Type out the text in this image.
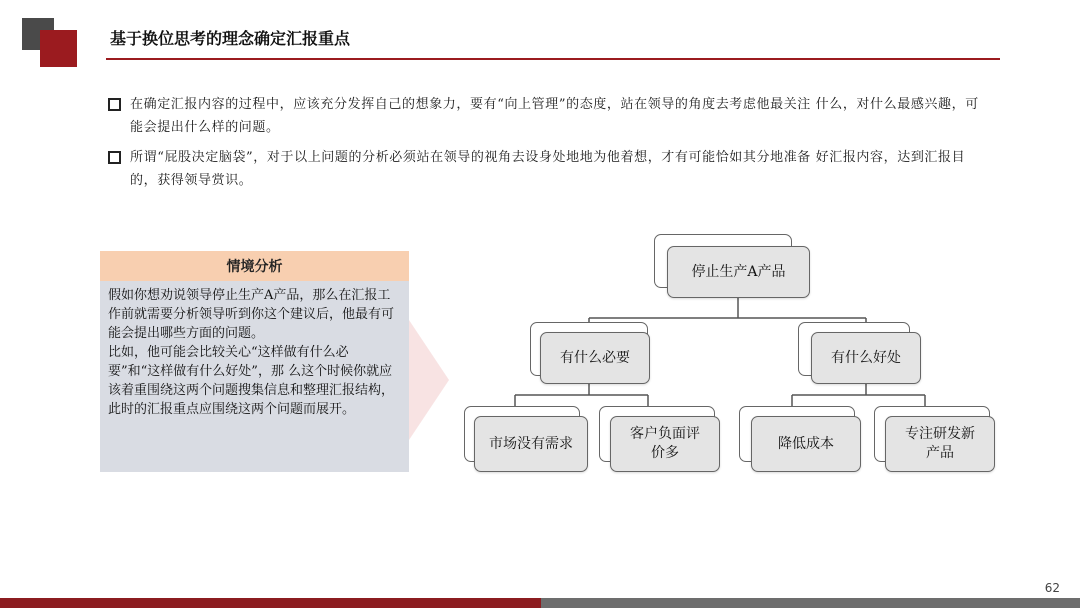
基于换位思考的理念确定汇报重点
在确定汇报内容的过程中，应该充分发挥自己的想象力，要有“向上管理”的态度，站在领导的角度去考虑他最关注 什么，对什么最感兴趣，可能会提出什么样的问题。
所谓“屁股决定脑袋”，对于以上问题的分析必须站在领导的视角去设身处地地为他着想，才有可能恰如其分地准备 好汇报内容，达到汇报目的，获得领导赏识。
情境分析

假如你想劝说领导停止生产A产品，那么在汇报工作前就需要分析领导听到你这个建议后，他最有可能会提出哪些方面的问题。

比如，他可能会比较关心“这样做有什么必要”和“这样做有什么好处”，那 么这个时候你就应该着重围绕这两个问题搜集信息和整理汇报结构，此时的汇报重点应围绕这两个问题而展开。

停止生产A产品
有什么必要	有什么好处
市场没有需求
客户负面评价多
降低成本
专注研发新产品
62
